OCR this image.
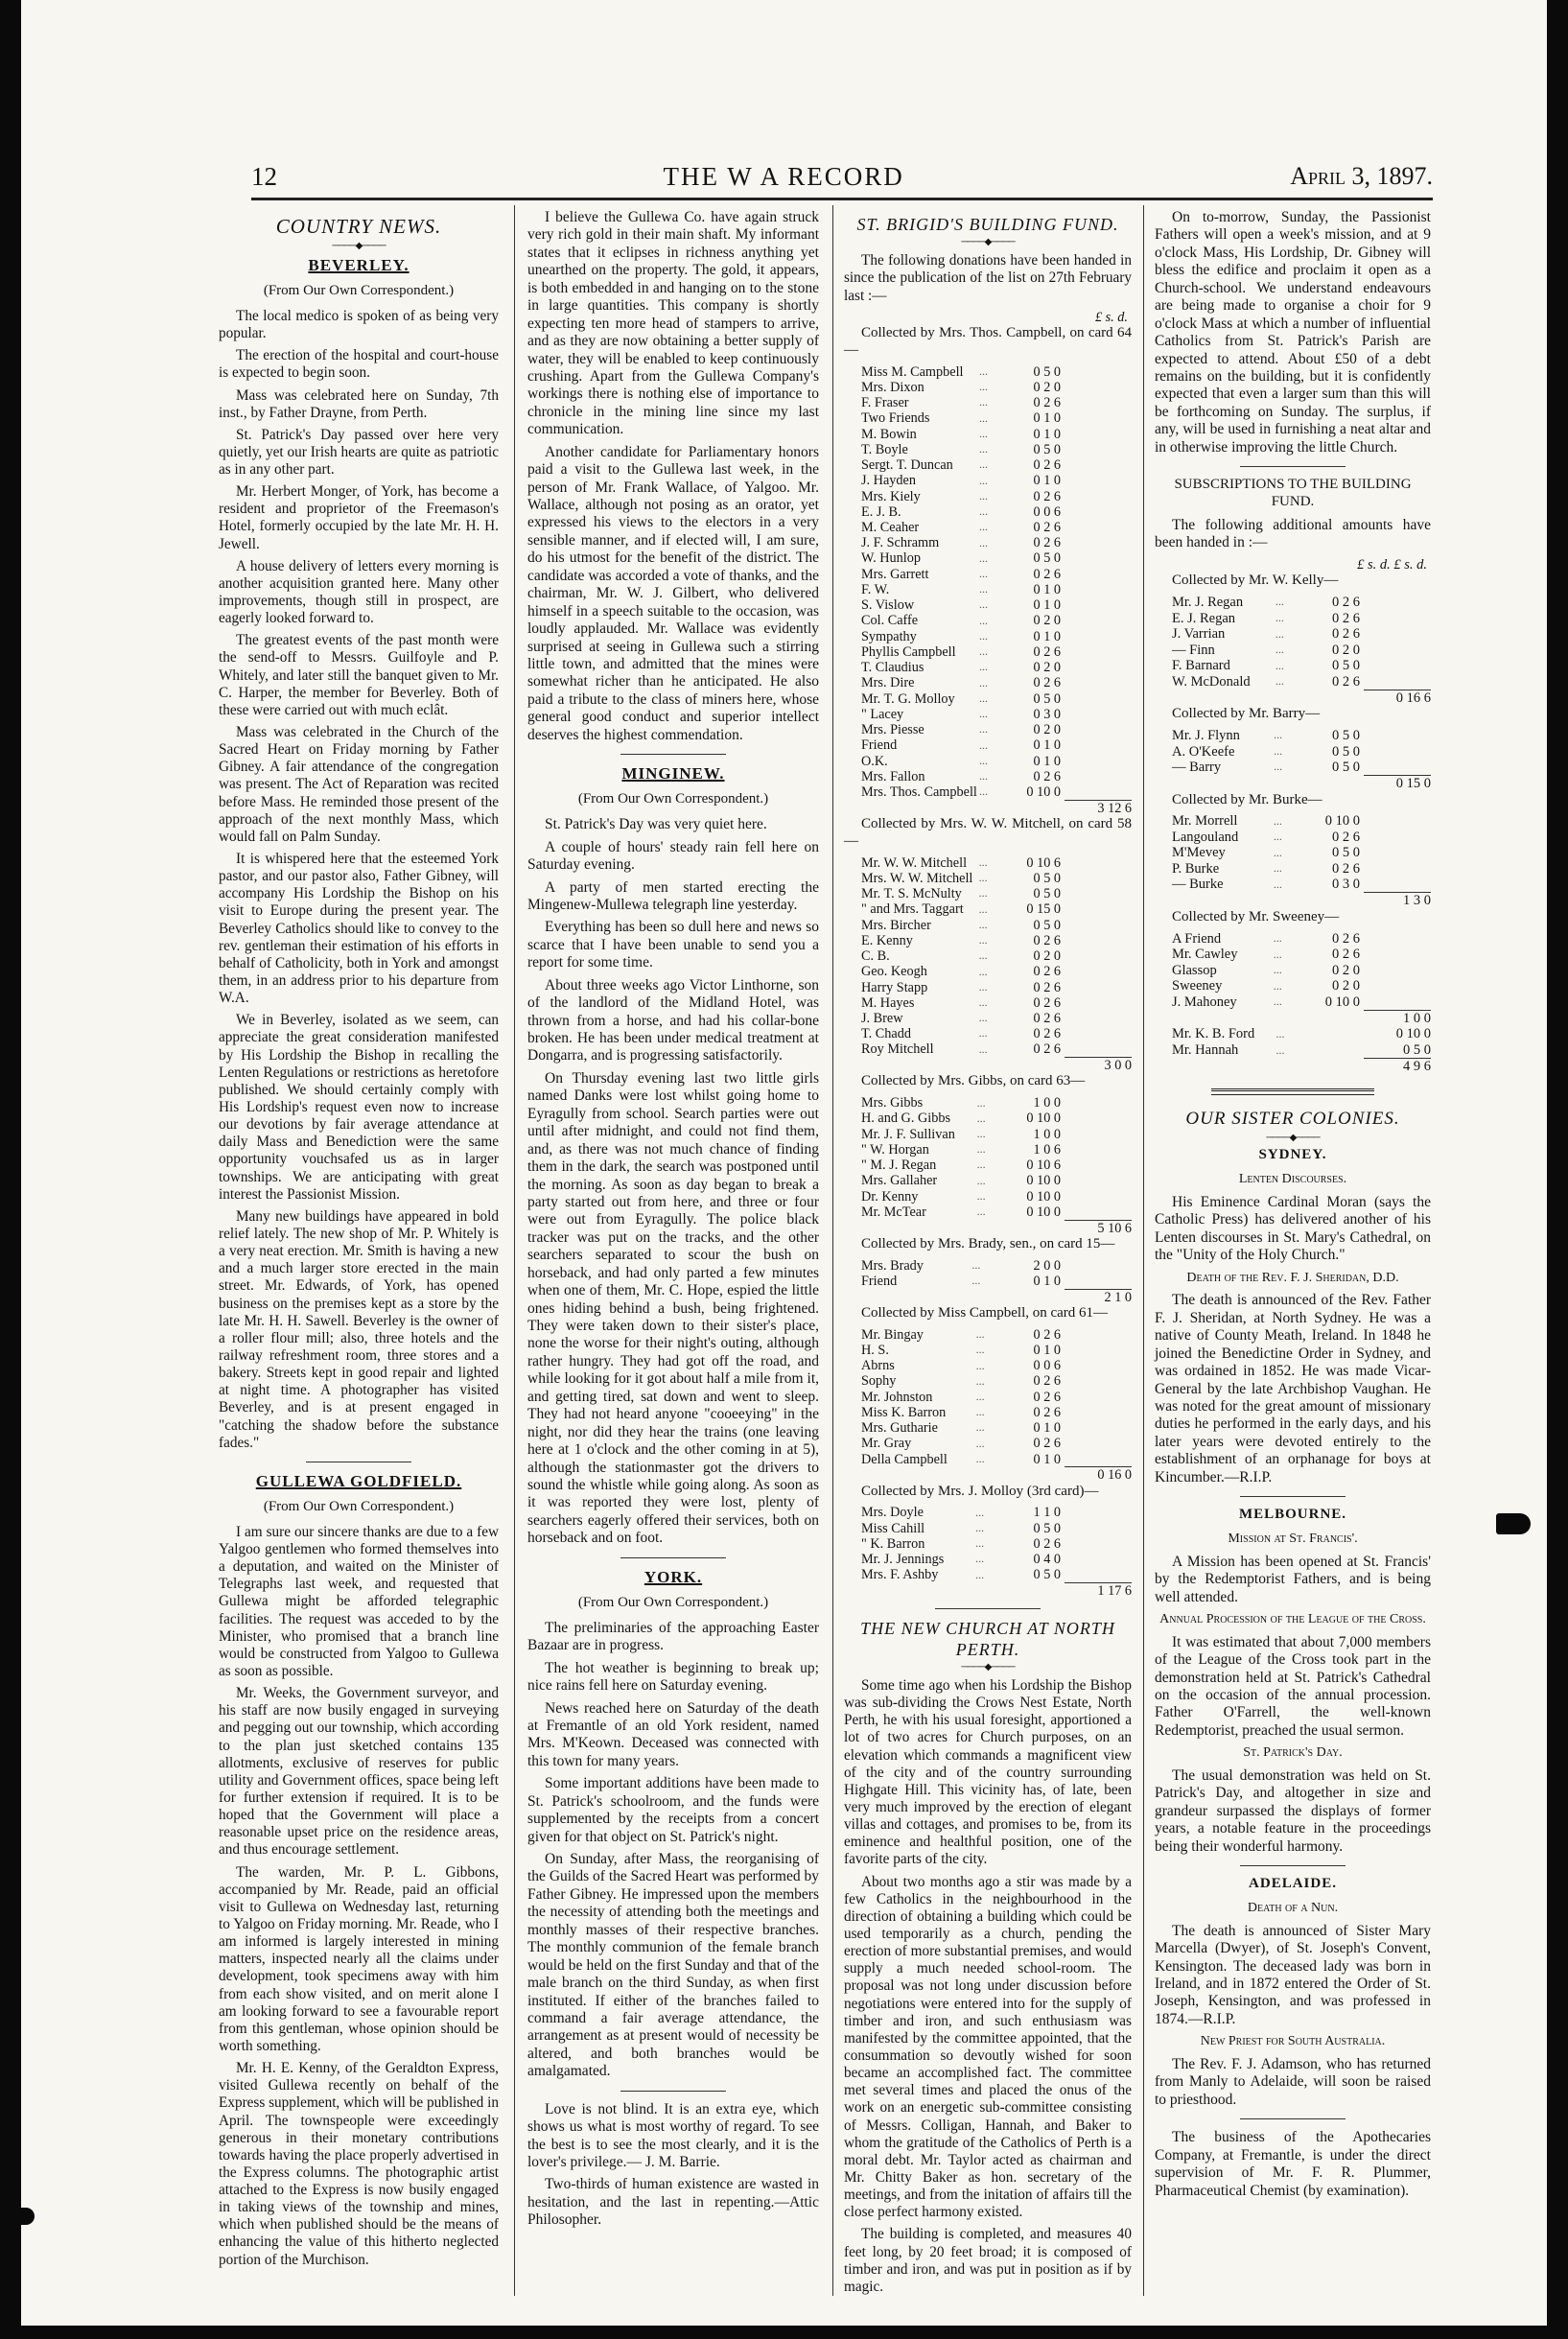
12	THE W A RECORD	April 3, 1897.
COUNTRY NEWS.
────◆────
BEVERLEY.
(From Our Own Correspondent.)

The local medico is spoken of as being very popular.

The erection of the hospital and court-house is expected to begin soon.

Mass was celebrated here on Sunday, 7th inst., by Father Drayne, from Perth.

St. Patrick's Day passed over here very quietly, yet our Irish hearts are quite as patriotic as in any other part.

Mr. Herbert Monger, of York, has become a resident and proprietor of the Freemason's Hotel, formerly occupied by the late Mr. H. H. Jewell.

A house delivery of letters every morning is another acquisition granted here. Many other improvements, though still in prospect, are eagerly looked forward to.

The greatest events of the past month were the send-off to Messrs. Guilfoyle and P. Whitely, and later still the banquet given to Mr. C. Harper, the member for Beverley. Both of these were carried out with much eclât.

Mass was celebrated in the Church of the Sacred Heart on Friday morning by Father Gibney. A fair attendance of the congregation was present. The Act of Reparation was recited before Mass. He reminded those present of the approach of the next monthly Mass, which would fall on Palm Sunday.

It is whispered here that the esteemed York pastor, and our pastor also, Father Gibney, will accompany His Lordship the Bishop on his visit to Europe during the present year. The Beverley Catholics should like to convey to the rev. gentleman their estimation of his efforts in behalf of Catholicity, both in York and amongst them, in an address prior to his departure from W.A.

We in Beverley, isolated as we seem, can appreciate the great consideration manifested by His Lordship the Bishop in recalling the Lenten Regulations or restrictions as heretofore published. We should certainly comply with His Lordship's request even now to increase our devotions by fair average attendance at daily Mass and Benediction were the same opportunity vouchsafed us as in larger townships. We are anticipating with great interest the Passionist Mission.

Many new buildings have appeared in bold relief lately. The new shop of Mr. P. Whitely is a very neat erection. Mr. Smith is having a new and a much larger store erected in the main street. Mr. Edwards, of York, has opened business on the premises kept as a store by the late Mr. H. H. Sawell. Beverley is the owner of a roller flour mill; also, three hotels and the railway refreshment room, three stores and a bakery. Streets kept in good repair and lighted at night time. A photographer has visited Beverley, and is at present engaged in "catching the shadow before the substance fades."

GULLEWA GOLDFIELD.
(From Our Own Correspondent.)

I am sure our sincere thanks are due to a few Yalgoo gentlemen who formed themselves into a deputation, and waited on the Minister of Telegraphs last week, and requested that Gullewa might be afforded telegraphic facilities. The request was acceded to by the Minister, who promised that a branch line would be constructed from Yalgoo to Gullewa as soon as possible.

Mr. Weeks, the Government surveyor, and his staff are now busily engaged in surveying and pegging out our township, which according to the plan just sketched contains 135 allotments, exclusive of reserves for public utility and Government offices, space being left for further extension if required. It is to be hoped that the Government will place a reasonable upset price on the residence areas, and thus encourage settlement.

The warden, Mr. P. L. Gibbons, accompanied by Mr. Reade, paid an official visit to Gullewa on Wednesday last, returning to Yalgoo on Friday morning. Mr. Reade, who I am informed is largely interested in mining matters, inspected nearly all the claims under development, took specimens away with him from each show visited, and on merit alone I am looking forward to see a favourable report from this gentleman, whose opinion should be worth something.

Mr. H. E. Kenny, of the Geraldton Express, visited Gullewa recently on behalf of the Express supplement, which will be published in April. The townspeople were exceedingly generous in their monetary contributions towards having the place properly advertised in the Express columns. The photographic artist attached to the Express is now busily engaged in taking views of the township and mines, which when published should be the means of enhancing the value of this hitherto neglected portion of the Murchison.

I believe the Gullewa Co. have again struck very rich gold in their main shaft. My informant states that it eclipses in richness anything yet unearthed on the property. The gold, it appears, is both embedded in and hanging on to the stone in large quantities. This company is shortly expecting ten more head of stampers to arrive, and as they are now obtaining a better supply of water, they will be enabled to keep continuously crushing. Apart from the Gullewa Company's workings there is nothing else of importance to chronicle in the mining line since my last communication.

Another candidate for Parliamentary honors paid a visit to the Gullewa last week, in the person of Mr. Frank Wallace, of Yalgoo. Mr. Wallace, although not posing as an orator, yet expressed his views to the electors in a very sensible manner, and if elected will, I am sure, do his utmost for the benefit of the district. The candidate was accorded a vote of thanks, and the chairman, Mr. W. J. Gilbert, who delivered himself in a speech suitable to the occasion, was loudly applauded. Mr. Wallace was evidently surprised at seeing in Gullewa such a stirring little town, and admitted that the mines were somewhat richer than he anticipated. He also paid a tribute to the class of miners here, whose general good conduct and superior intellect deserves the highest commendation.

MINGINEW.
(From Our Own Correspondent.)

St. Patrick's Day was very quiet here.

A couple of hours' steady rain fell here on Saturday evening.

A party of men started erecting the Mingenew-Mullewa telegraph line yesterday.

Everything has been so dull here and news so scarce that I have been unable to send you a report for some time.

About three weeks ago Victor Linthorne, son of the landlord of the Midland Hotel, was thrown from a horse, and had his collar-bone broken. He has been under medical treatment at Dongarra, and is progressing satisfactorily.

On Thursday evening last two little girls named Danks were lost whilst going home to Eyragully from school. Search parties were out until after midnight, and could not find them, and, as there was not much chance of finding them in the dark, the search was postponed until the morning. As soon as day began to break a party started out from here, and three or four were out from Eyragully. The police black tracker was put on the tracks, and the other searchers separated to scour the bush on horseback, and had only parted a few minutes when one of them, Mr. C. Hope, espied the little ones hiding behind a bush, being frightened. They were taken down to their sister's place, none the worse for their night's outing, although rather hungry. They had got off the road, and while looking for it got about half a mile from it, and getting tired, sat down and went to sleep. They had not heard anyone "cooeeying" in the night, nor did they hear the trains (one leaving here at 1 o'clock and the other coming in at 5), although the stationmaster got the drivers to sound the whistle while going along. As soon as it was reported they were lost, plenty of searchers eagerly offered their services, both on horseback and on foot.

YORK.
(From Our Own Correspondent.)

The preliminaries of the approaching Easter Bazaar are in progress.

The hot weather is beginning to break up; nice rains fell here on Saturday evening.

News reached here on Saturday of the death at Fremantle of an old York resident, named Mrs. M'Keown. Deceased was connected with this town for many years.

Some important additions have been made to St. Patrick's schoolroom, and the funds were supplemented by the receipts from a concert given for that object on St. Patrick's night.

On Sunday, after Mass, the reorganising of the Guilds of the Sacred Heart was performed by Father Gibney. He impressed upon the members the necessity of attending both the meetings and monthly masses of their respective branches. The monthly communion of the female branch would be held on the first Sunday and that of the male branch on the third Sunday, as when first instituted. If either of the branches failed to command a fair average attendance, the arrangement as at present would of necessity be altered, and both branches would be amalgamated.

Love is not blind. It is an extra eye, which shows us what is most worthy of regard. To see the best is to see the most clearly, and it is the lover's privilege.— J. M. Barrie.

Two-thirds of human existence are wasted in hesitation, and the last in repenting.—Attic Philosopher.

ST. BRIGID'S BUILDING FUND.
────◆────

The following donations have been handed in since the publication of the list on 27th February last :—

	£ s. d.

Collected by Mrs. Thos. Campbell, on card 64—

Miss M. Campbell	...	0 5 0	
Mrs. Dixon	...	0 2 0	
F. Fraser	...	0 2 6	
Two Friends	...	0 1 0	
M. Bowin	...	0 1 0	
T. Boyle	...	0 5 0	
Sergt. T. Duncan	...	0 2 6	
J. Hayden	...	0 1 0	
Mrs. Kiely	...	0 2 6	
E. J. B.	...	0 0 6	
M. Ceaher	...	0 2 6	
J. F. Schramm	...	0 2 6	
W. Hunlop	...	0 5 0	
Mrs. Garrett	...	0 2 6	
F. W.	...	0 1 0	
S. Vislow	...	0 1 0	
Col. Caffe	...	0 2 0	
Sympathy	...	0 1 0	
Phyllis Campbell	...	0 2 6	
T. Claudius	...	0 2 0	
Mrs. Dire	...	0 2 6	
Mr. T. G. Molloy	...	0 5 0	
" Lacey	...	0 3 0	
Mrs. Piesse	...	0 2 0	
Friend	...	0 1 0	
O.K.	...	0 1 0	
Mrs. Fallon	...	0 2 6	
Mrs. Thos. Campbell	...	0 10 0	
			3 12 6

Collected by Mrs. W. W. Mitchell, on card 58—

Mr. W. W. Mitchell	...	0 10 6	
Mrs. W. W. Mitchell	...	0 5 0	
Mr. T. S. McNulty	...	0 5 0	
" and Mrs. Taggart	...	0 15 0	
Mrs. Bircher	...	0 5 0	
E. Kenny	...	0 2 6	
C. B.	...	0 2 0	
Geo. Keogh	...	0 2 6	
Harry Stapp	...	0 2 6	
M. Hayes	...	0 2 6	
J. Brew	...	0 2 6	
T. Chadd	...	0 2 6	
Roy Mitchell	...	0 2 6	
			3 0 0

Collected by Mrs. Gibbs, on card 63—

Mrs. Gibbs	...	1 0 0	
H. and G. Gibbs	...	0 10 0	
Mr. J. F. Sullivan	...	1 0 0	
" W. Horgan	...	1 0 6	
" M. J. Regan	...	0 10 6	
Mrs. Gallaher	...	0 10 0	
Dr. Kenny	...	0 10 0	
Mr. McTear	...	0 10 0	
			5 10 6

Collected by Mrs. Brady, sen., on card 15—

Mrs. Brady	...	2 0 0	
Friend	...	0 1 0	
			2 1 0

Collected by Miss Campbell, on card 61—

Mr. Bingay	...	0 2 6	
H. S.	...	0 1 0	
Abrns	...	0 0 6	
Sophy	...	0 2 6	
Mr. Johnston	...	0 2 6	
Miss K. Barron	...	0 2 6	
Mrs. Gutharie	...	0 1 0	
Mr. Gray	...	0 2 6	
Della Campbell	...	0 1 0	
			0 16 0

Collected by Mrs. J. Molloy (3rd card)—

Mrs. Doyle	...	1 1 0	
Miss Cahill	...	0 5 0	
" K. Barron	...	0 2 6	
Mr. J. Jennings	...	0 4 0	
Mrs. F. Ashby	...	0 5 0	
			1 17 6
THE NEW CHURCH AT NORTH PERTH.
────◆────

Some time ago when his Lordship the Bishop was sub-dividing the Crows Nest Estate, North Perth, he with his usual foresight, apportioned a lot of two acres for Church purposes, on an elevation which commands a magnificent view of the city and of the country surrounding Highgate Hill. This vicinity has, of late, been very much improved by the erection of elegant villas and cottages, and promises to be, from its eminence and healthful position, one of the favorite parts of the city.

About two months ago a stir was made by a few Catholics in the neighbourhood in the direction of obtaining a building which could be used temporarily as a church, pending the erection of more substantial premises, and would supply a much needed school-room. The proposal was not long under discussion before negotiations were entered into for the supply of timber and iron, and such enthusiasm was manifested by the committee appointed, that the consummation so devoutly wished for soon became an accomplished fact. The committee met several times and placed the onus of the work on an energetic sub-committee consisting of Messrs. Colligan, Hannah, and Baker to whom the gratitude of the Catholics of Perth is a moral debt. Mr. Taylor acted as chairman and Mr. Chitty Baker as hon. secretary of the meetings, and from the initation of affairs till the close perfect harmony existed.

The building is completed, and measures 40 feet long, by 20 feet broad; it is composed of timber and iron, and was put in position as if by magic.

On to-morrow, Sunday, the Passionist Fathers will open a week's mission, and at 9 o'clock Mass, His Lordship, Dr. Gibney will bless the edifice and proclaim it open as a Church-school. We understand endeavours are being made to organise a choir for 9 o'clock Mass at which a number of influential Catholics from St. Patrick's Parish are expected to attend. About £50 of a debt remains on the building, but it is confidently expected that even a larger sum than this will be forthcoming on Sunday. The surplus, if any, will be used in furnishing a neat altar and in otherwise improving the little Church.

SUBSCRIPTIONS TO THE BUILDING FUND.

The following additional amounts have been handed in :—

	£ s. d. £ s. d.

Collected by Mr. W. Kelly—

Mr. J. Regan	...	0 2 6	
E. J. Regan	...	0 2 6	
J. Varrian	...	0 2 6	
— Finn	...	0 2 0	
F. Barnard	...	0 5 0	
W. McDonald	...	0 2 6	
			0 16 6

Collected by Mr. Barry—

Mr. J. Flynn	...	0 5 0	
A. O'Keefe	...	0 5 0	
— Barry	...	0 5 0	
			0 15 0

Collected by Mr. Burke—

Mr. Morrell	...	0 10 0	
Langouland	...	0 2 6	
M'Mevey	...	0 5 0	
P. Burke	...	0 2 6	
— Burke	...	0 3 0	
			1 3 0

Collected by Mr. Sweeney—

A Friend	...	0 2 6	
Mr. Cawley	...	0 2 6	
Glassop	...	0 2 0	
Sweeney	...	0 2 0	
J. Mahoney	...	0 10 0	
			1 0 0
Mr. K. B. Ford	...		0 10 0
Mr. Hannah	...		0 5 0
			4 9 6
OUR SISTER COLONIES.
────◆────
SYDNEY.
Lenten Discourses.

His Eminence Cardinal Moran (says the Catholic Press) has delivered another of his Lenten discourses in St. Mary's Cathedral, on the "Unity of the Holy Church."

Death of the Rev. F. J. Sheridan, D.D.

The death is announced of the Rev. Father F. J. Sheridan, at North Sydney. He was a native of County Meath, Ireland. In 1848 he joined the Benedictine Order in Sydney, and was ordained in 1852. He was made Vicar-General by the late Archbishop Vaughan. He was noted for the great amount of missionary duties he performed in the early days, and his later years were devoted entirely to the establishment of an orphanage for boys at Kincumber.—R.I.P.

MELBOURNE.
Mission at St. Francis'.

A Mission has been opened at St. Francis' by the Redemptorist Fathers, and is being well attended.

Annual Procession of the League of the Cross.

It was estimated that about 7,000 members of the League of the Cross took part in the demonstration held at St. Patrick's Cathedral on the occasion of the annual procession. Father O'Farrell, the well-known Redemptorist, preached the usual sermon.

St. Patrick's Day.

The usual demonstration was held on St. Patrick's Day, and altogether in size and grandeur surpassed the displays of former years, a notable feature in the proceedings being their wonderful harmony.

ADELAIDE.
Death of a Nun.

The death is announced of Sister Mary Marcella (Dwyer), of St. Joseph's Convent, Kensington. The deceased lady was born in Ireland, and in 1872 entered the Order of St. Joseph, Kensington, and was professed in 1874.—R.I.P.

New Priest for South Australia.

The Rev. F. J. Adamson, who has returned from Manly to Adelaide, will soon be raised to priesthood.

The business of the Apothecaries Company, at Fremantle, is under the direct supervision of Mr. F. R. Plummer, Pharmaceutical Chemist (by examination).
